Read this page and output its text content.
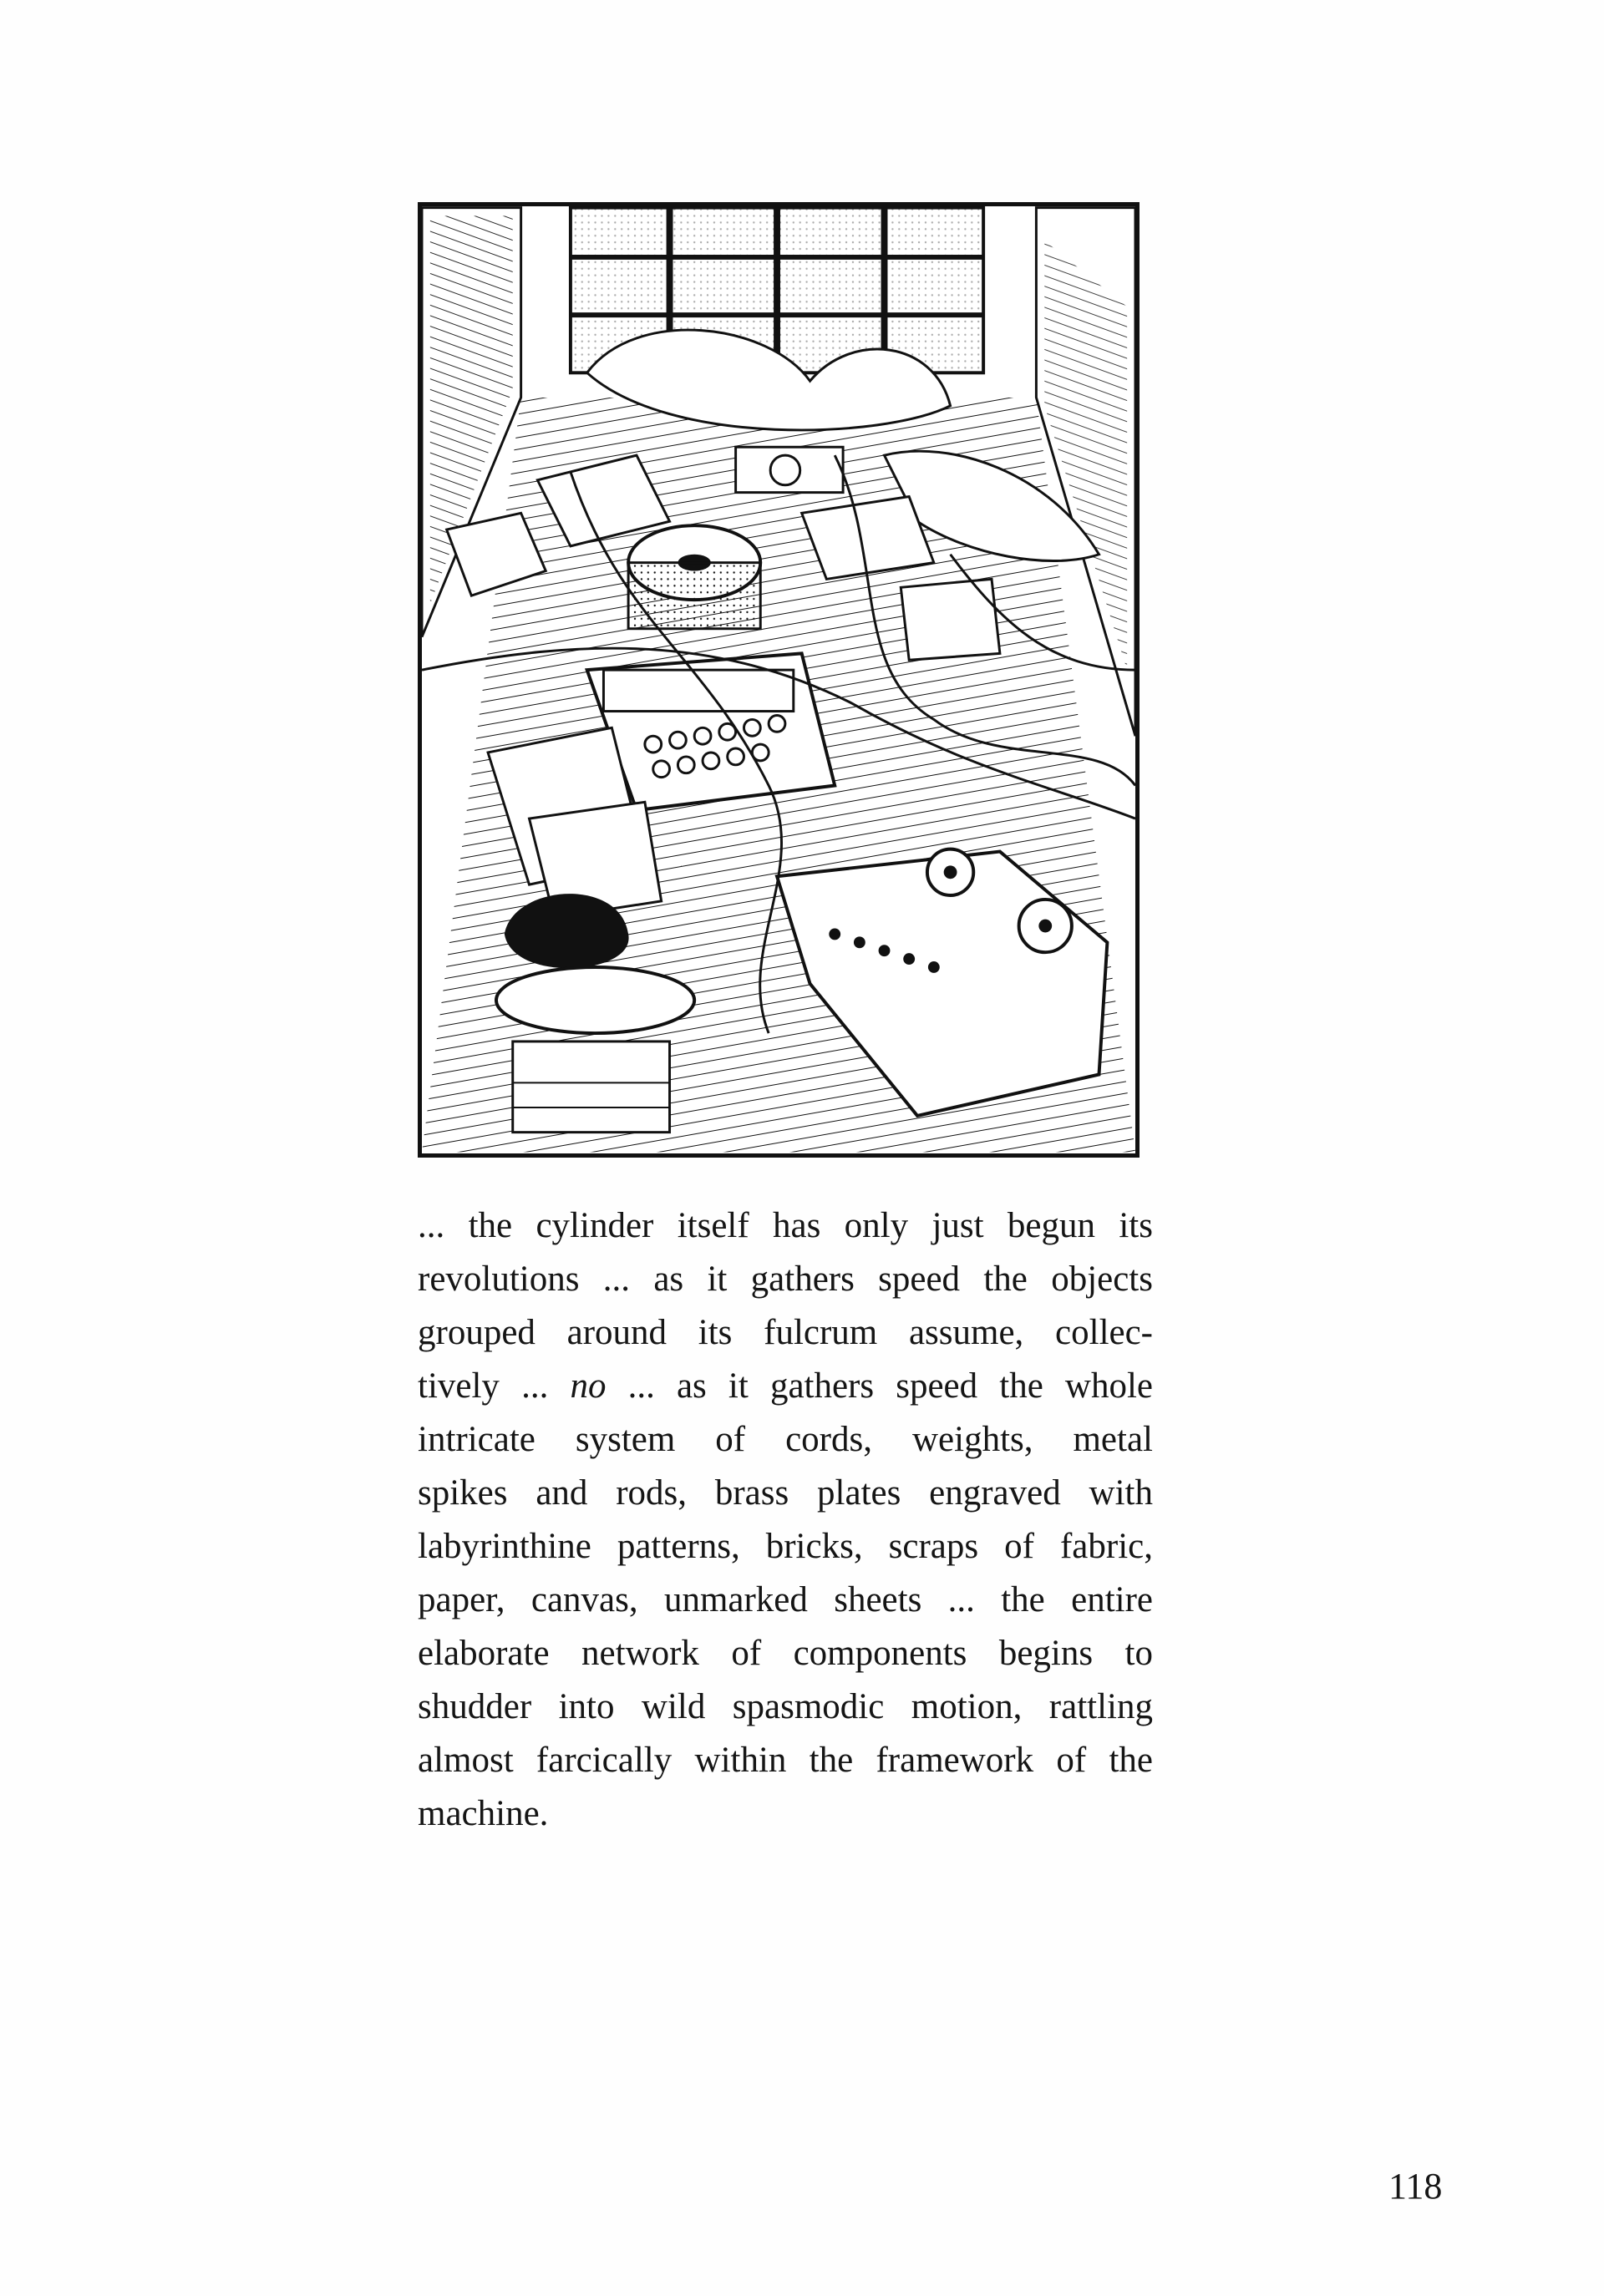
... the cylinder itself has only just begun its
revolutions ... as it gathers speed the objects
grouped around its fulcrum assume, collec-
tively ... no ... as it gathers speed the whole
intricate system of cords, weights, metal
spikes and rods, brass plates engraved with
labyrinthine patterns, bricks, scraps of fabric,
paper, canvas, unmarked sheets ... the entire
elaborate network of components begins to
shudder into wild spasmodic motion, rattling
almost farcically within the framework of the
machine.
118
